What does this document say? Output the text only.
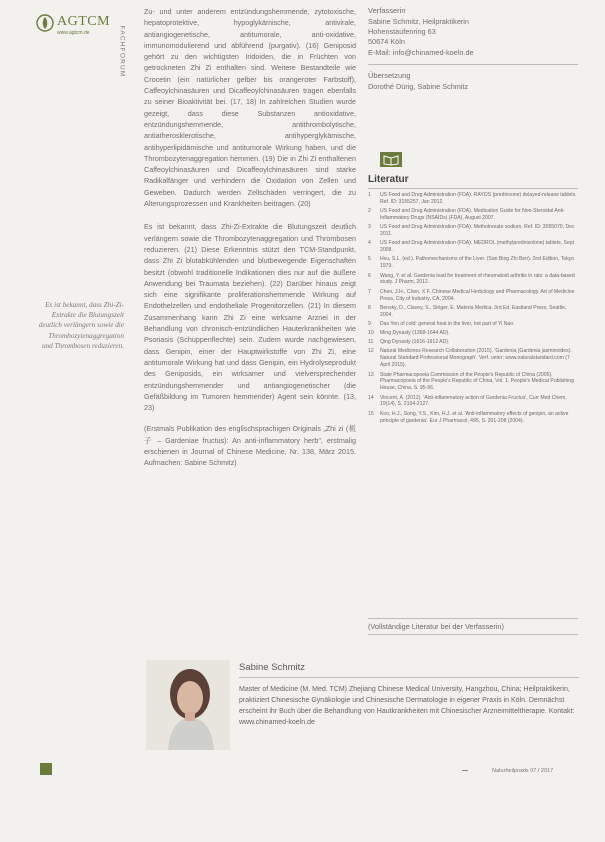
AGTCM
www.agtcm.de	FACHFORUM
Es ist bekannt, dass Zhi-Zi-Extrakte die Blutungszeit deutlich verlängern sowie die Thrombozytenaggregation und Thrombosen reduzieren.

Zu- und unter anderem entzündungshemmende, zytotoxische, hepatoprotektive, hypoglykämische, antivirale, antiangiogenetische, antitumorale, anti-oxidative, immunomodulierend und abführend (purgativ). (16) Geniposid gehört zu den wichtigsten Iridoiden, die in Früchten von getrockneten Zhi Zi enthalten sind. Weitere Bestandteile wie Crocetin (ein natürlicher gelber bis orangeroter Farbstoff), Caffeoylchinasäuren und Dicaffeoylchinasäuren tragen ebenfalls zu seiner Bioaktivität bei. (17, 18) In zahlreichen Studien wurde gezeigt, dass diese Substanzen antioxidative, entzündungshemmende, antithrombolytische, antiatherosklerotische, antihyperglykämische, antihyperlipidämische und antitumorale Wirkung haben, und die Thrombozytenaggregation hemmen. (19) Die in Zhi Zi enthaltenen Caffeoylchinasäuren und Dicaffeoylchinasäuren sind starke Radikalfänger und verhindern die Oxidation von Zellen und Geweben. Dadurch werden Zellschäden verringert, die zu Alterungsprozessen und Krankheiten beitragen. (20)

Es ist bekannt, dass Zhi-Zi-Extrakte die Blutungszeit deutlich verlängern sowie die Thrombozytenaggregation und Thrombosen reduzieren. (21) Diese Erkenntnis stützt den TCM-Standpunkt, dass Zhi Zi blutabkühlenden und blutbewegende Eigenschaften besitzt (obwohl traditionelle Indikationen dies nur auf die äußere Anwendung bei Traumata beziehen). (22) Darüber hinaus zeigt sich eine signifikante proliferationshemmende Wirkung auf Endothelzellen und endotheliale Progenitorzellen. (21) In diesem Zusammenhang kann Zhi Zi eine wirksame Arznei in der Behandlung von chronisch-entzündlichen Hauterkrankheiten wie Psoriasis (Schuppenflechte) sein. Zudem wurde nachgewiesen, dass Genipin, einer der Hauptwirkstoffe von Zhi Zi, eine antitumorale Wirkung hat und dass Genipin, ein Hydrolyseprodukt des Geniposids, ein wirksamer und vielversprechender entzündungshemmender und antiangiogenetischer (die Gefäßbildung im Tumoren hemmender) Agent sein könnte. (13, 23)

(Erstmals Publikation des englischsprachigen Originals „Zhi zi (栀子 – Gardeniae fructus): An anti-inflammatory herb", erstmalig erschienen in Journal of Chinese Medicine, Nr. 138, März 2015. Aufmachen: Sabine Schmitz)

Verfasserin
Sabine Schmitz, Heilpraktikerin
Hohenstaufenring 63
50674 Köln
E-Mail: info@chinamed-koeln.de
Übersetzung
Dorothé Dürig, Sabine Schmitz
Literatur
1 US Food and Drug Administration (FDA). RAYOS (prednisone) delayed-release tablets. Ref. ID: 3155257, Jan 2012.
2 US Food and Drug Administration (FDA). Medication Guide for Non-Steroidal Anti-Inflammatory Drugs (NSAIDs) (FDA), August 2007.
3 US Food and Drug Administration (FDA). Methotrexate sodium. Ref. ID: 3055070, Dec 2011.
4 US Food and Drug Administration (FDA). MEDROL (methylprednisolone) tablets, Sept 2008.
5 Hsu, S.L. (ed.). Pathomechanisms of the Liver. (San Bing Zhi Ben). 2nd Edition, Tokyo 1979.
6 Wang, Y. et al. Gardenia lead for treatment of rheumatoid arthritis in rats: a data-based study. J Pharm, 2012.
7 Chen, J.H., Chen, X.F. Chinese Medical Herbology and Pharmacology. Art of Medicine Press, City of Industry, CA, 2004.
8 Bensky, D., Clavey, S., Stöger, E. Materia Medica. 3rd Ed. Eastland Press, Seattle, 2004.
9 Das Yen of cold: general heat in the liver, hot part of Yi Nao.
10 Ming Dynasty (1368-1644 AD).
11 Qing Dynasty (1616-1912 AD).
12 Natural Medicines Research Collaboration (2015). 'Gardenia (Gardenia jasminoides). Natural Standard Professional Monograph'. Verf. unter: www.naturalstandard.com (7 April 2015).
13 State Pharmacopoeia Commission of the People's Republic of China (2005). Pharmacopoeia of the People's Republic of China, Vol. 1. People's Medical Publishing House, China, S. 95-96.
14 Vincent, A. (2012). 'Anti-inflammatory action of Gardenia Fructus', Curr Med Chem, 19(14), S. 2104-2127.
15 Koo, H.J., Song, Y.S., Kim, H.J. et al. 'Anti-inflammatory effects of genipin, an active principle of gardenia'. Eur J Pharmacol, 495, S. 201-208 (2004).
(Vollständige Literatur bei der Verfasserin)
Sabine Schmitz
Master of Medicine (M. Med. TCM) Zhejiang Chinese Medical University, Hangzhou, China; Heilpraktikerin, praktiziert Chinesische Gynäkologie und Chinesische Dermatologie in eigener Praxis in Köln. Demnächst erscheint ihr Buch über die Behandlung von Hautkrankheiten mit Chinesischer Arzneimitteltherapie. Kontakt: www.chinamed-koeln.de
Naturheilpraxis 07 / 2017
